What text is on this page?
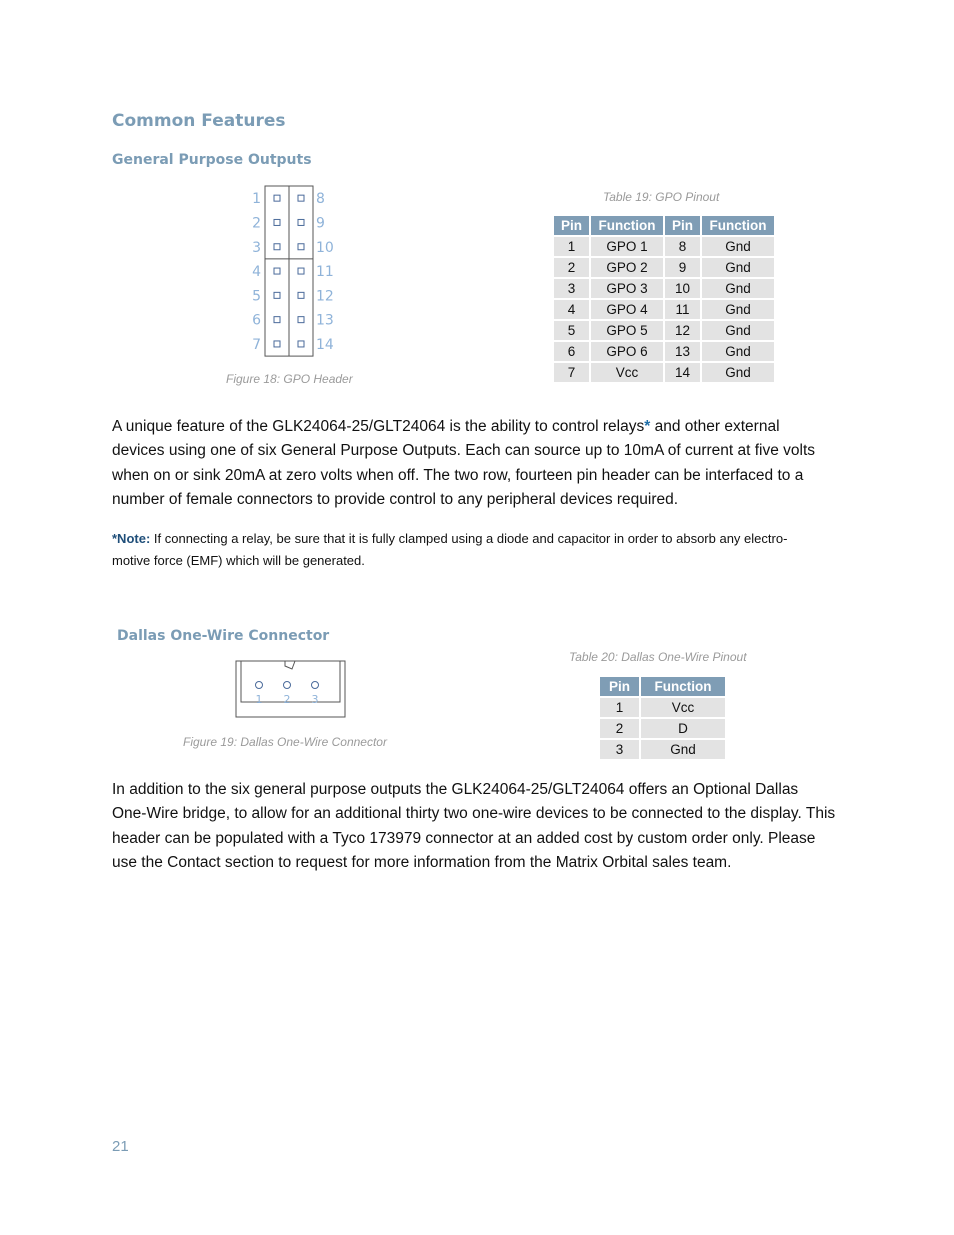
Common Features
General Purpose Outputs
1	8
2	9
3	10
4	11
5	12
6	13
7	14
Figure 18: GPO Header
Table 19: GPO Pinout
Pin	Function	Pin	Function
1	GPO 1	8	Gnd
2	GPO 2	9	Gnd
3	GPO 3	10	Gnd
4	GPO 4	11	Gnd
5	GPO 5	12	Gnd
6	GPO 6	13	Gnd
7	Vcc	14	Gnd
A unique feature of the GLK24064-25/GLT24064 is the ability to control relays* and other external devices using one of six General Purpose Outputs. Each can source up to 10mA of current at five volts when on or sink 20mA at zero volts when off. The two row, fourteen pin header can be interfaced to a number of female connectors to provide control to any peripheral devices required.
*Note: If connecting a relay, be sure that it is fully clamped using a diode and capacitor in order to absorb any electro-motive force (EMF) which will be generated.
Dallas One-Wire Connector
1 2 3
Figure 19: Dallas One-Wire Connector
Table 20: Dallas One-Wire Pinout
Pin	Function
1	Vcc
2	D
3	Gnd
In addition to the six general purpose outputs the GLK24064-25/GLT24064 offers an Optional Dallas One-Wire bridge, to allow for an additional thirty two one-wire devices to be connected to the display. This header can be populated with a Tyco 173979 connector at an added cost by custom order only. Please use the Contact section to request for more information from the Matrix Orbital sales team.
21
